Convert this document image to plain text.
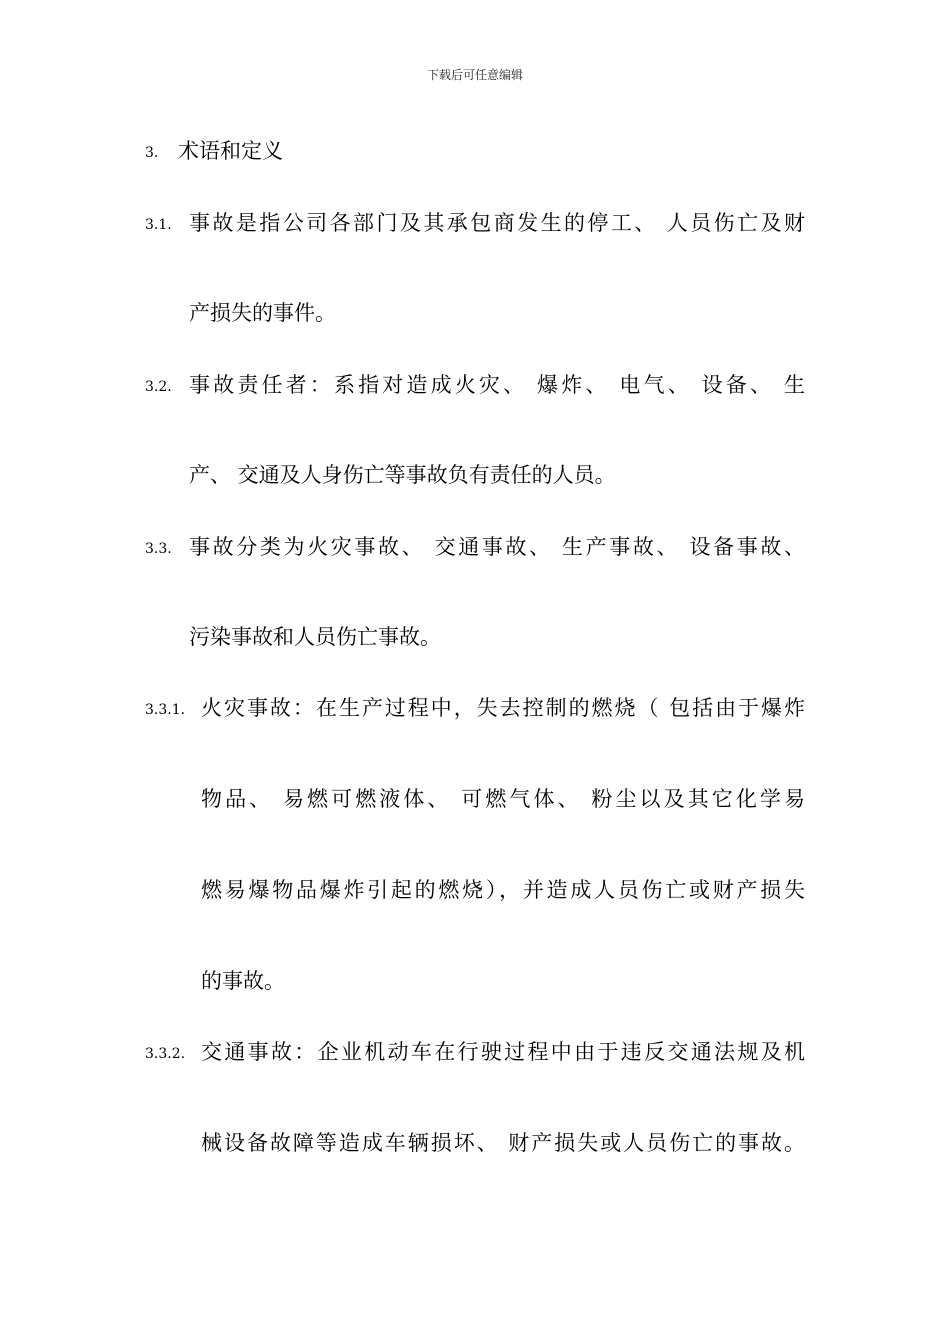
下载后可任意编辑
3. 术语和定义
3.1. 事故是指公司各部门及其承包商发生的停工、 人员伤亡及财
产损失的事件。
3.2. 事故责任者：系指对造成火灾、 爆炸、 电气、 设备、 生
产、 交通及人身伤亡等事故负有责任的人员。
3.3. 事故分类为火灾事故、 交通事故、 生产事故、 设备事故、
污染事故和人员伤亡事故。
3.3.1. 火灾事故：在生产过程中，失去控制的燃烧（ 包括由于爆炸
物品、 易燃可燃液体、 可燃气体、 粉尘以及其它化学易
燃易爆物品爆炸引起的燃烧），并造成人员伤亡或财产损失
的事故。
3.3.2. 交通事故：企业机动车在行驶过程中由于违反交通法规及机
械设备故障等造成车辆损坏、 财产损失或人员伤亡的事故。
